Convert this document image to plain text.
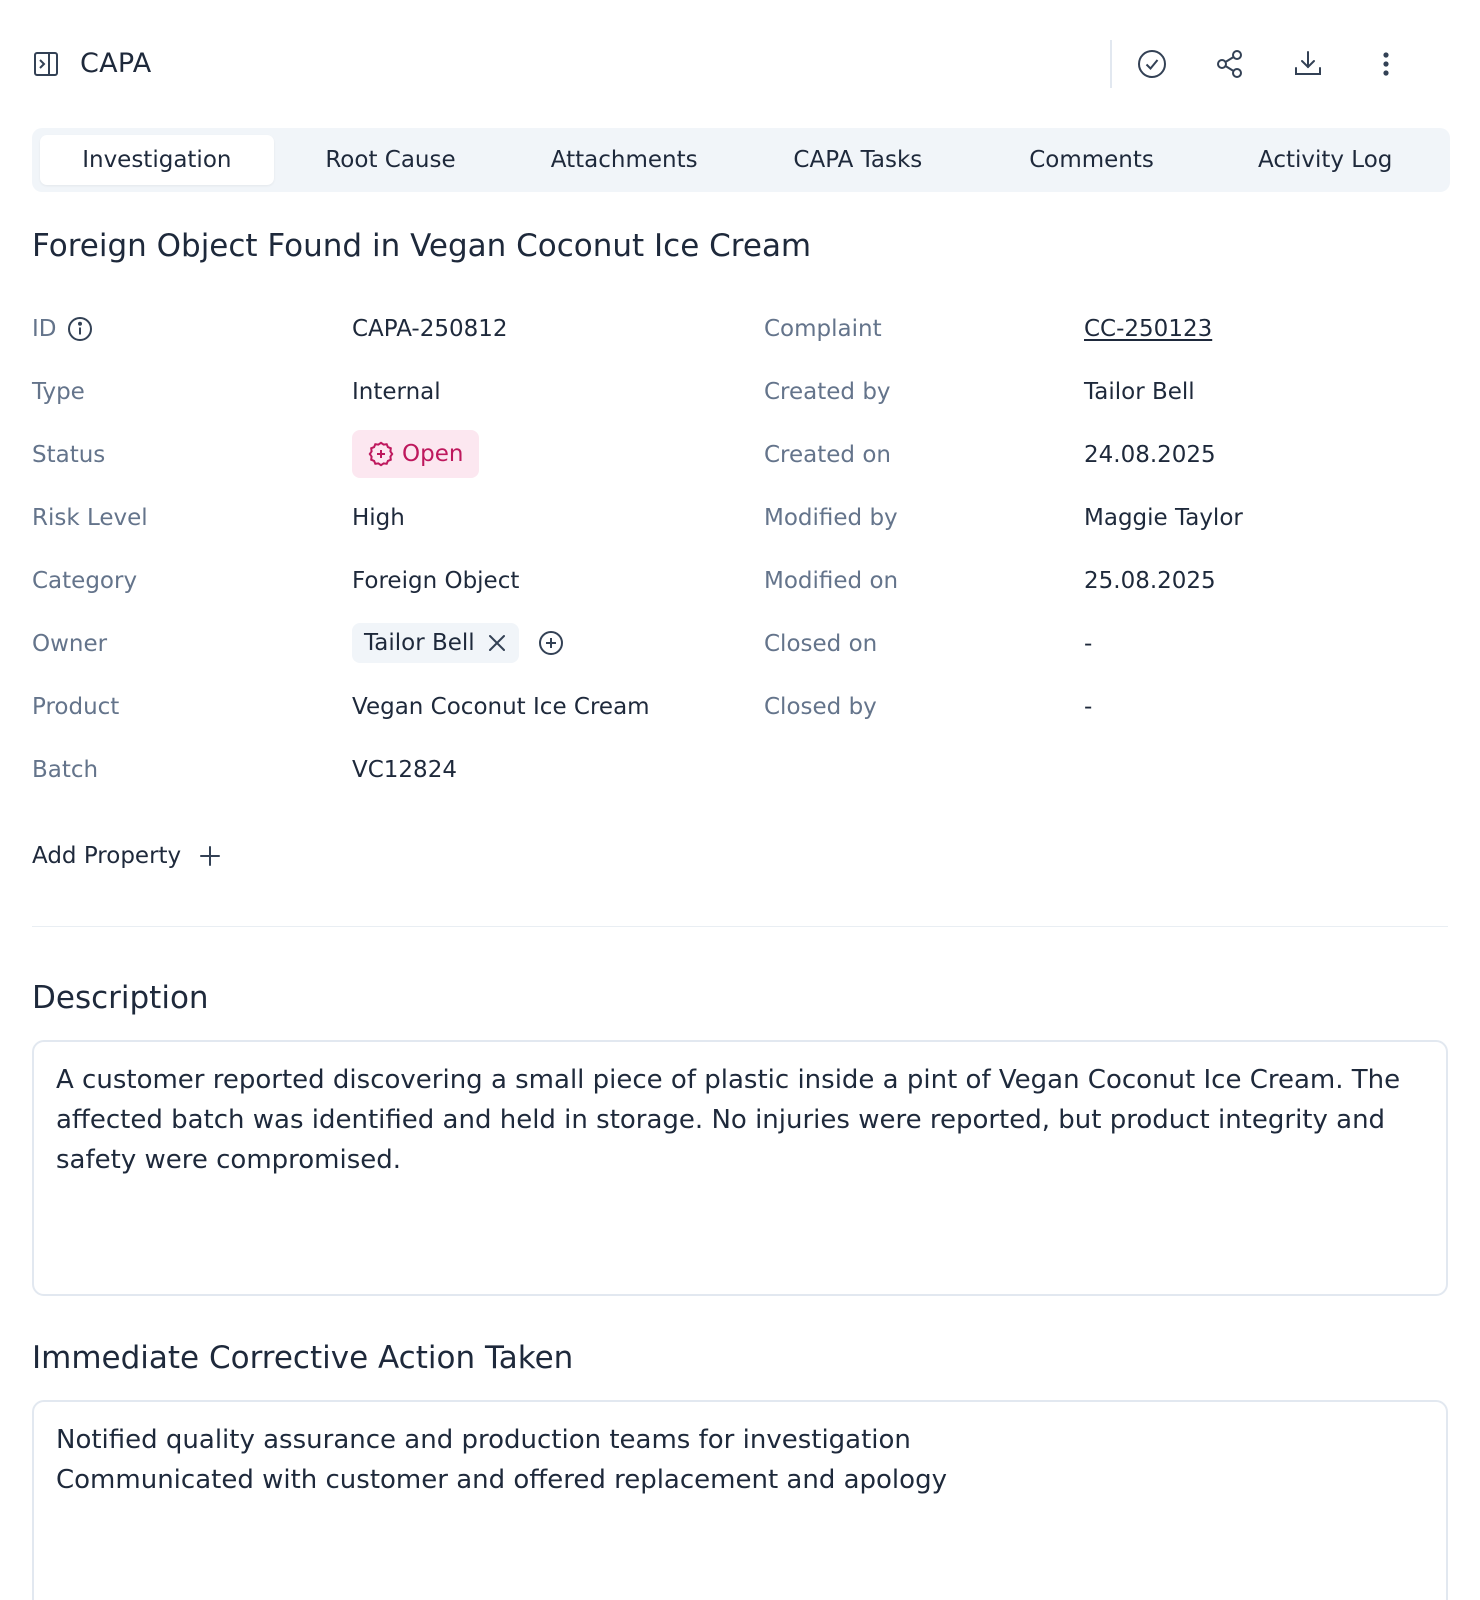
CAPA
Investigation	Root Cause	Attachments	CAPA Tasks	Comments	Activity Log
Foreign Object Found in Vegan Coconut Ice Cream
ID	CAPA-250812	Complaint	CC-250123
Type	Internal	Created by	Tailor Bell
Status	Open	Created on	24.08.2025
Risk Level	High	Modified by	Maggie Taylor
Category	Foreign Object	Modified on	25.08.2025
Owner	Tailor Bell	Closed on	-
Product	Vegan Coconut Ice Cream	Closed by	-
Batch	VC12824
Add Property
Description
A customer reported discovering a small piece of plastic inside a pint of Vegan Coconut Ice Cream. The affected batch was identified and held in storage. No injuries were reported, but product integrity and safety were compromised.
Immediate Corrective Action Taken
Notified quality assurance and production teams for investigation
Communicated with customer and offered replacement and apology
